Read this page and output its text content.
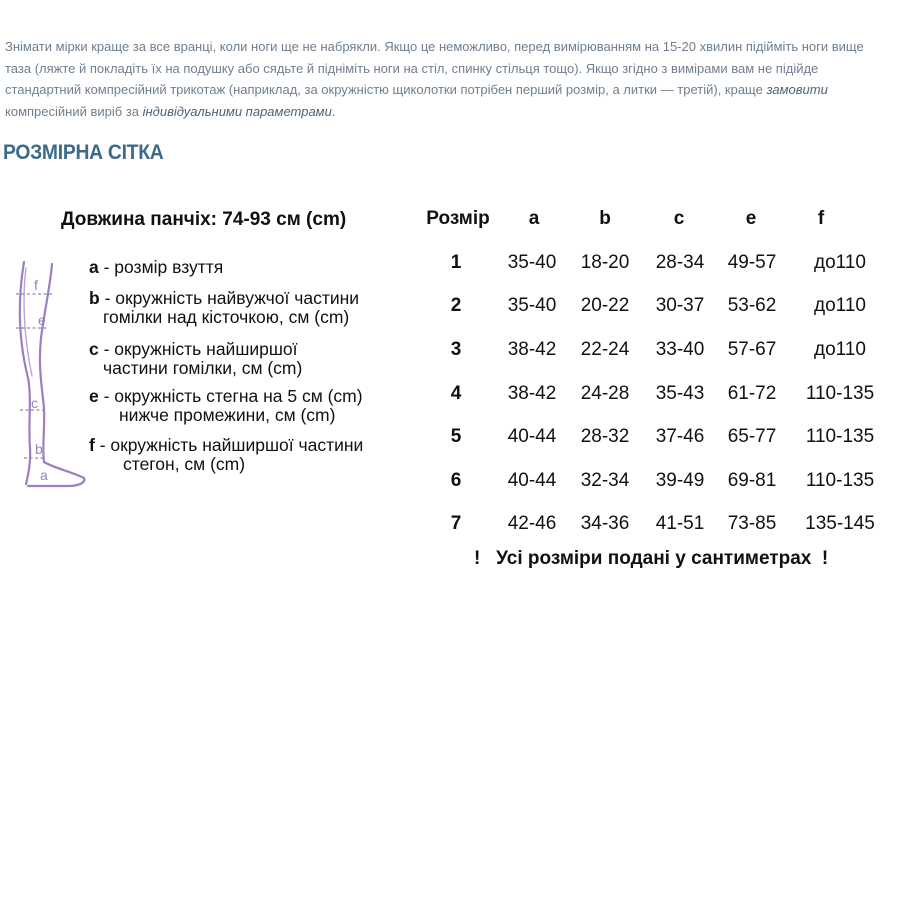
Знімати мірки краще за все вранці, коли ноги ще не набрякли. Якщо це неможливо, перед вимірюванням на 15-20 хвилин підійміть ноги вище таза (ляжте й покладіть їх на подушку або сядьте й підніміть ноги на стіл, спинку стільця тощо). Якщо згідно з вимірами вам не підійде стандартний компресійний трикотаж (наприклад, за окружністю щиколотки потрібен перший розмір, а литки — третій), краще замовити компресійний виріб за індивідуальними параметрами.
РОЗМІРНА СІТКА
Довжина панчіх: 74-93 см (cm)
f
e
c
b
a
a - розмір взуття
b - окружність найвужчої частини
гомілки над кісточкою, см (cm)
c - окружність найширшої
частини гомілки, см (cm)
e - окружність стегна на 5 см (cm)
нижче промежини, см (cm)
f - окружність найширшої частини
стегон, см (cm)
Розмір a	b	c	e	f
1 35-40 18-20 28-34 49-57 до110
2 35-40 20-22 30-37 53-62 до110
3 38-42 22-24 33-40 57-67 до110
4 38-42 24-28 35-43 61-72 110-135
5 40-44 28-32 37-46 65-77 110-135
6 40-44 32-34 39-49 69-81 110-135
7 42-46 34-36 41-51 73-85 135-145
!   Усі розміри подані у сантиметрах  !
